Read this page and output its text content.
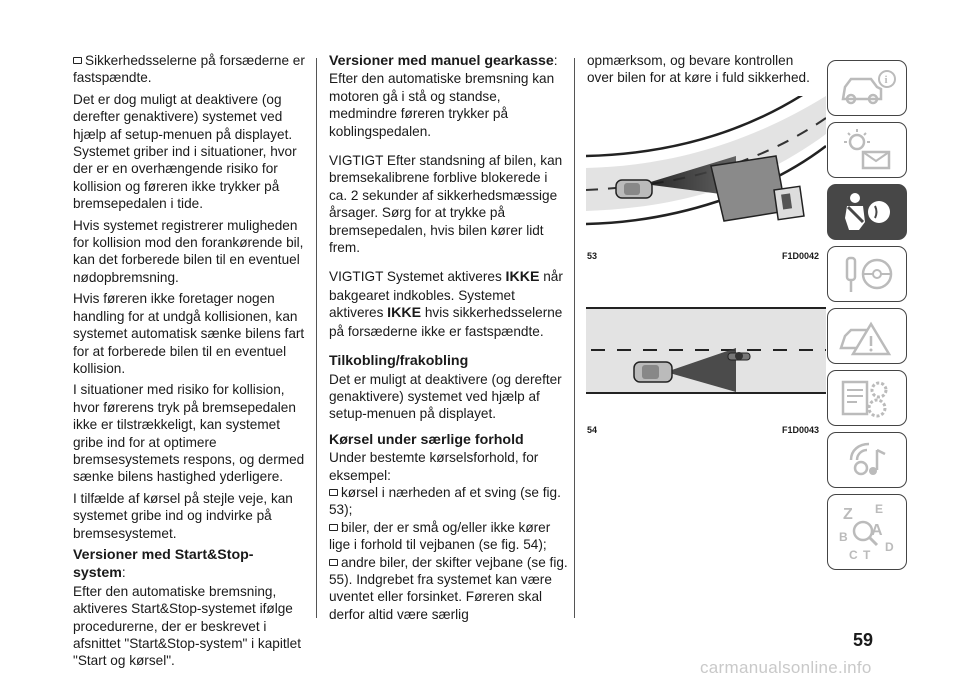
Sikkerhedsselerne på forsæderne er fastspændte.

Det er dog muligt at deaktivere (og derefter genaktivere) systemet ved hjælp af setup-menuen på displayet. Systemet griber ind i situationer, hvor der er en overhængende risiko for kollision og føreren ikke trykker på bremsepedalen i tide.

Hvis systemet registrerer muligheden for kollision mod den forankørende bil, kan det forberede bilen til en eventuel nødopbremsning.

Hvis føreren ikke foretager nogen handling for at undgå kollisionen, kan systemet automatisk sænke bilens fart for at forberede bilen til en eventuel kollision.

I situationer med risiko for kollision, hvor førerens tryk på bremsepedalen ikke er tilstrækkeligt, kan systemet gribe ind for at optimere bremsesystemets respons, og dermed sænke bilens hastighed yderligere.

I tilfælde af kørsel på stejle veje, kan systemet gribe ind og indvirke på bremsesystemet.

Versioner med Start&Stop-system:

Efter den automatiske bremsning, aktiveres Start&Stop-systemet ifølge procedurerne, der er beskrevet i afsnittet "Start&Stop-system" i kapitlet "Start og kørsel".

Versioner med manuel gearkasse:

Efter den automatiske bremsning kan motoren gå i stå og standse, medmindre føreren trykker på koblingspedalen.

VIGTIGT Efter standsning af bilen, kan bremsekalibrene forblive blokerede i ca. 2 sekunder af sikkerhedsmæssige årsager. Sørg for at trykke på bremsepedalen, hvis bilen kører lidt frem.

VIGTIGT Systemet aktiveres IKKE når bakgearet indkobles. Systemet aktiveres IKKE hvis sikkerhedsselerne på forsæderne ikke er fastspændte.

Tilkobling/frakobling

Det er muligt at deaktivere (og derefter genaktivere) systemet ved hjælp af setup-menuen på displayet.

Kørsel under særlige forhold

Under bestemte kørselsforhold, for eksempel:

kørsel i nærheden af et sving (se fig. 53);

biler, der er små og/eller ikke kører lige i forhold til vejbanen (se fig. 54);

andre biler, der skifter vejbane (se fig. 55). Indgrebet fra systemet kan være uventet eller forsinket. Føreren skal derfor altid være særlig

opmærksom, og bevare kontrollen over bilen for at køre i fuld sikkerhed.

53	F1D0042
54	F1D0043
i
Z E
A
B
C T
D
59
carmanualsonline.info
